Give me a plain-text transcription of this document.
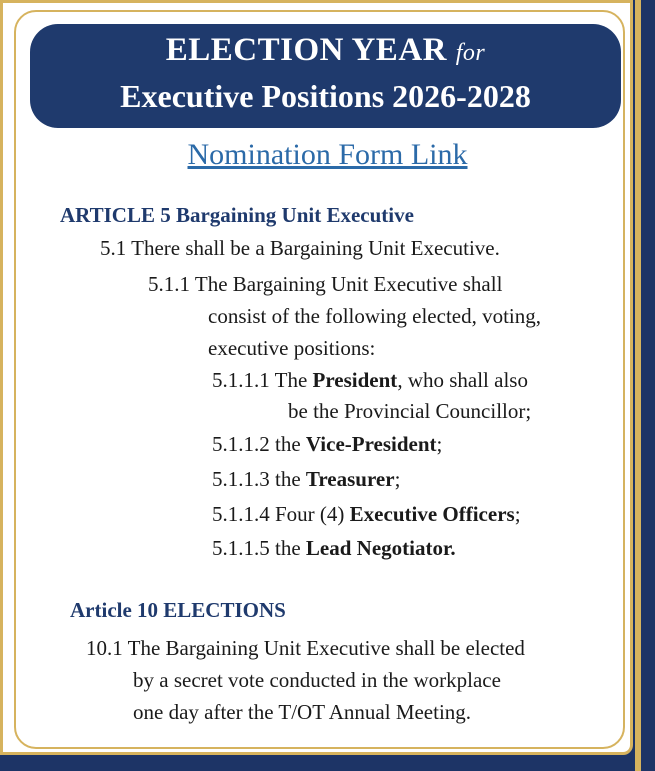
ELECTION YEAR for
Executive Positions 2026-2028
Nomination Form Link
ARTICLE 5 Bargaining Unit Executive
5.1 There shall be a Bargaining Unit Executive.
5.1.1 The Bargaining Unit Executive shall
consist of the following elected, voting,
executive positions:
5.1.1.1 The President, who shall also
be the Provincial Councillor;
5.1.1.2 the Vice-President;
5.1.1.3 the Treasurer;
5.1.1.4 Four (4) Executive Officers;
5.1.1.5 the Lead Negotiator.
Article 10 ELECTIONS
10.1 The Bargaining Unit Executive shall be elected
by a secret vote conducted in the workplace
one day after the T/OT Annual Meeting.
